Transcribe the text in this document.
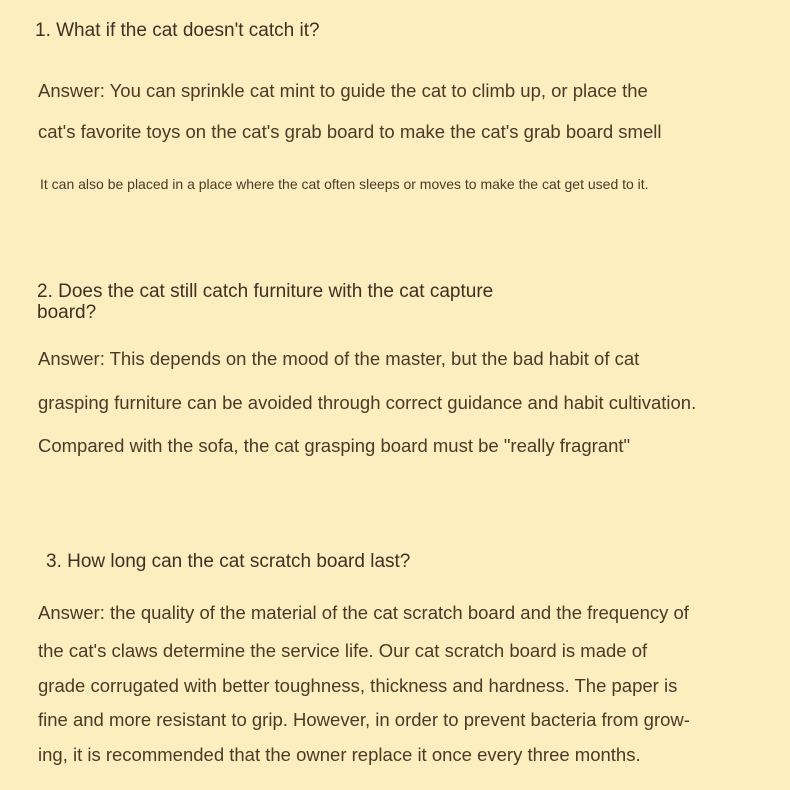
1. What if the cat doesn't catch it?
Answer: You can sprinkle cat mint to guide the cat to climb up, or place the
cat's favorite toys on the cat's grab board to make the cat's grab board smell
It can also be placed in a place where the cat often sleeps or moves to make the cat get used to it.
2. Does the cat still catch furniture with the cat capture
board?
Answer: This depends on the mood of the master, but the bad habit of cat
grasping furniture can be avoided through correct guidance and habit cultivation.
Compared with the sofa, the cat grasping board must be "really fragrant"
3. How long can the cat scratch board last?
Answer: the quality of the material of the cat scratch board and the frequency of
the cat's claws determine the service life. Our cat scratch board is made of
grade corrugated with better toughness, thickness and hardness. The paper is
fine and more resistant to grip. However, in order to prevent bacteria from grow-
ing, it is recommended that the owner replace it once every three months.
